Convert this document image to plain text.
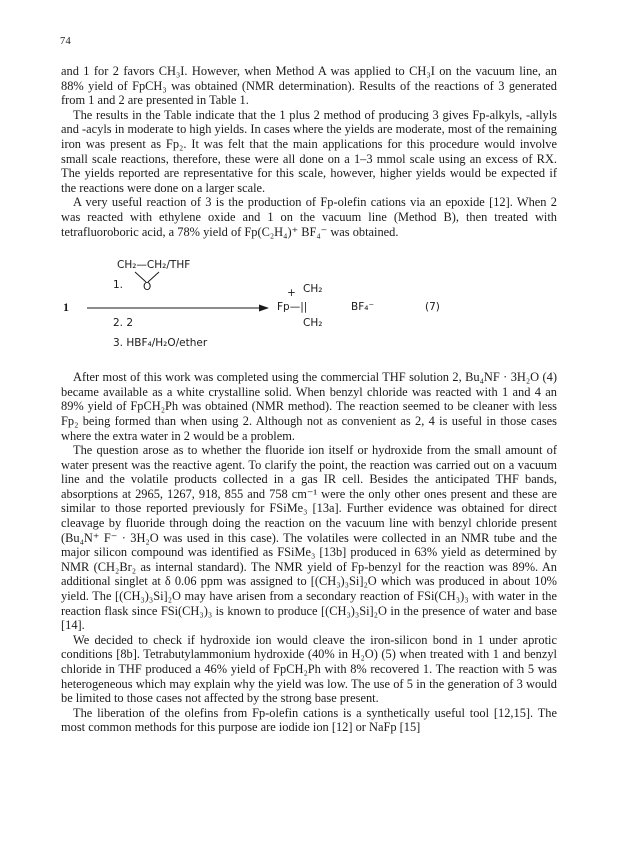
74

and 1 for 2 favors CH₃I. However, when Method A was applied to CH₃I on the vacuum line, an 88% yield of FpCH₃ was obtained (NMR determination). Results of the reactions of 3 generated from 1 and 2 are presented in Table 1.

The results in the Table indicate that the 1 plus 2 method of producing 3 gives Fp-alkyls, -allyls and -acyls in moderate to high yields. In cases where the yields are moderate, most of the remaining iron was present as Fp₂. It was felt that the main applications for this procedure would involve small scale reactions, therefore, these were all done on a 1–3 mmol scale using an excess of RX. The yields reported are representative for this scale, however, higher yields would be expected if the reactions were done on a larger scale.

A very useful reaction of 3 is the production of Fp-olefin cations via an epoxide [12]. When 2 was reacted with ethylene oxide and 1 on the vacuum line (Method B), then treated with tetrafluoroboric acid, a 78% yield of Fp(C₂H₄)⁺ BF₄⁻ was obtained.

1
CH₂—CH₂/THF
1. O
2. 2
3. HBF₄/H₂O/ether
+ CH₂
Fp—||
CH₂
BF₄⁻	(7)

After most of this work was completed using the commercial THF solution 2, Bu₄NF · 3H₂O (4) became available as a white crystalline solid. When benzyl chloride was reacted with 1 and 4 an 89% yield of FpCH₂Ph was obtained (NMR method). The reaction seemed to be cleaner with less Fp₂ being formed than when using 2. Although not as convenient as 2, 4 is useful in those cases where the extra water in 2 would be a problem.

The question arose as to whether the fluoride ion itself or hydroxide from the small amount of water present was the reactive agent. To clarify the point, the reaction was carried out on a vacuum line and the volatile products collected in a gas IR cell. Besides the anticipated THF bands, absorptions at 2965, 1267, 918, 855 and 758 cm⁻¹ were the only other ones present and these are similar to those reported previously for FSiMe₃ [13a]. Further evidence was obtained for direct cleavage by fluoride through doing the reaction on the vacuum line with benzyl chloride present (Bu₄N⁺ F⁻ · 3H₂O was used in this case). The volatiles were collected in an NMR tube and the major silicon compound was identified as FSiMe₃ [13b] produced in 63% yield as determined by NMR (CH₂Br₂ as internal standard). The NMR yield of Fp-benzyl for the reaction was 89%. An additional singlet at δ 0.06 ppm was assigned to [(CH₃)₃Si]₂O which was produced in about 10% yield. The [(CH₃)₃Si]₂O may have arisen from a secondary reaction of FSi(CH₃)₃ with water in the reaction flask since FSi(CH₃)₃ is known to produce [(CH₃)₃Si]₂O in the presence of water and base [14].

We decided to check if hydroxide ion would cleave the iron-silicon bond in 1 under aprotic conditions [8b]. Tetrabutylammonium hydroxide (40% in H₂O) (5) when treated with 1 and benzyl chloride in THF produced a 46% yield of FpCH₂Ph with 8% recovered 1. The reaction with 5 was heterogeneous which may explain why the yield was low. The use of 5 in the generation of 3 would be limited to those cases not affected by the strong base present.

The liberation of the olefins from Fp-olefin cations is a synthetically useful tool [12,15]. The most common methods for this purpose are iodide ion [12] or NaFp [15]
